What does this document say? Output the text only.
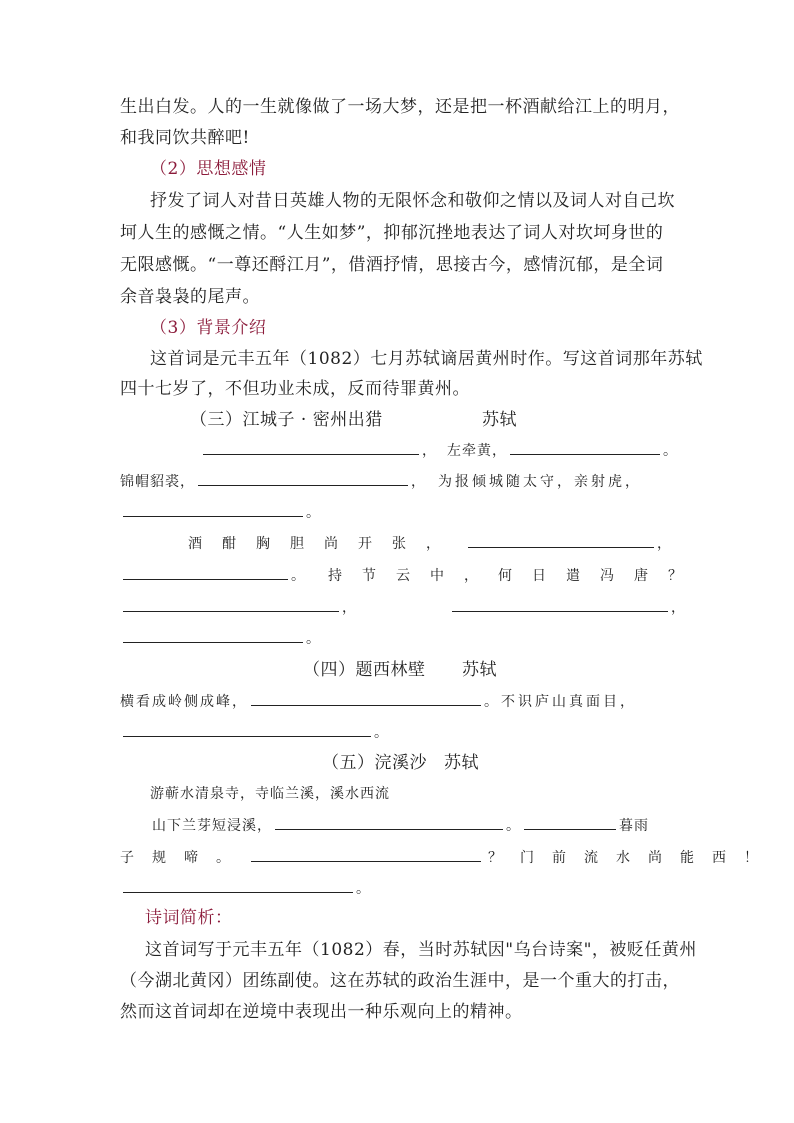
生出白发。人的一生就像做了一场大梦，还是把一杯酒献给江上的明月，
和我同饮共醉吧!
（2）思想感情
抒发了词人对昔日英雄人物的无限怀念和敬仰之情以及词人对自己坎
坷人生的感慨之情。“人生如梦”，抑郁沉挫地表达了词人对坎坷身世的
无限感慨。“一尊还酹江月”，借酒抒情，思接古今，感情沉郁，是全词
余音袅袅的尾声。
（3）背景介绍
这首词是元丰五年（1082）七月苏轼谪居黄州时作。写这首词那年苏轼
四十七岁了，不但功业未成，反而待罪黄州。
（三）江城子 · 密州出猎	苏轼
， 左牵黄，	。
锦帽貂裘，	， 为报倾城随太守，亲射虎，
。
酒酣胸胆尚开张，	，
。 持节云中，何日遣冯唐？
，	，
。
（四）题西林壁	苏轼
横看成岭侧成峰，	。不识庐山真面目，
。
（五）浣溪沙 苏轼
游蕲水清泉寺，寺临兰溪，溪水西流
山下兰芽短浸溪，	。	暮雨
子规啼。	？门前流水尚能西！
。
诗词简析：
这首词写于元丰五年（1082）春，当时苏轼因"乌台诗案"，被贬任黄州
（今湖北黄冈）团练副使。这在苏轼的政治生涯中，是一个重大的打击，
然而这首词却在逆境中表现出一种乐观向上的精神。
